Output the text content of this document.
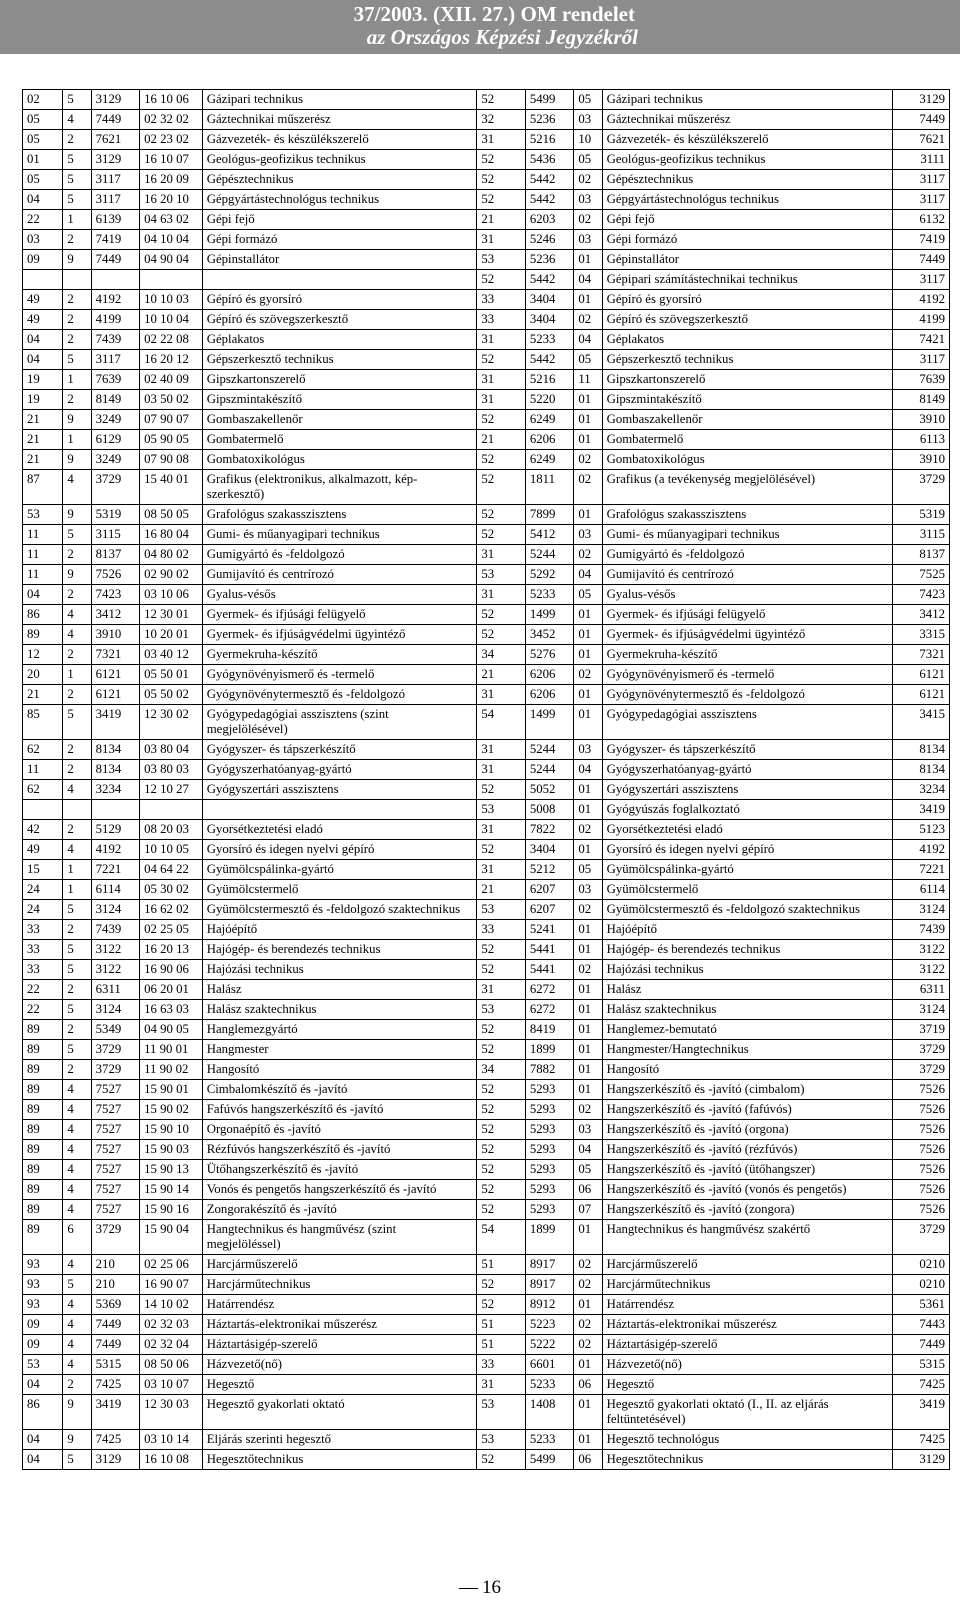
37/2003. (XII. 27.) OM rendelet
az Országos Képzési Jegyzékről
02	5	3129	16 10 06	Gázipari technikus	52	5499	05	Gázipari technikus	3129
05	4	7449	02 32 02	Gáztechnikai műszerész	32	5236	03	Gáztechnikai műszerész	7449
05	2	7621	02 23 02	Gázvezeték- és készülékszerelő	31	5216	10	Gázvezeték- és készülékszerelő	7621
01	5	3129	16 10 07	Geológus-geofizikus technikus	52	5436	05	Geológus-geofizikus technikus	3111
05	5	3117	16 20 09	Gépésztechnikus	52	5442	02	Gépésztechnikus	3117
04	5	3117	16 20 10	Gépgyártástechnológus technikus	52	5442	03	Gépgyártástechnológus technikus	3117
22	1	6139	04 63 02	Gépi fejő	21	6203	02	Gépi fejő	6132
03	2	7419	04 10 04	Gépi formázó	31	5246	03	Gépi formázó	7419
09	9	7449	04 90 04	Gépinstallátor	53	5236	01	Gépinstallátor	7449
					52	5442	04	Gépipari számítástechnikai technikus	3117
49	2	4192	10 10 03	Gépíró és gyorsíró	33	3404	01	Gépíró és gyorsíró	4192
49	2	4199	10 10 04	Gépíró és szövegszerkesztő	33	3404	02	Gépíró és szövegszerkesztő	4199
04	2	7439	02 22 08	Géplakatos	31	5233	04	Géplakatos	7421
04	5	3117	16 20 12	Gépszerkesztő technikus	52	5442	05	Gépszerkesztő technikus	3117
19	1	7639	02 40 09	Gipszkartonszerelő	31	5216	11	Gipszkartonszerelő	7639
19	2	8149	03 50 02	Gipszmintakészítő	31	5220	01	Gipszmintakészítő	8149
21	9	3249	07 90 07	Gombaszakellenőr	52	6249	01	Gombaszakellenőr	3910
21	1	6129	05 90 05	Gombatermelő	21	6206	01	Gombatermelő	6113
21	9	3249	07 90 08	Gombatoxikológus	52	6249	02	Gombatoxikológus	3910
87	4	3729	15 40 01	Grafikus (elektronikus, alkalmazott, kép-szerkesztő)	52	1811	02	Grafikus (a tevékenység megjelölésével)	3729
53	9	5319	08 50 05	Grafológus szakasszisztens	52	7899	01	Grafológus szakasszisztens	5319
11	5	3115	16 80 04	Gumi- és műanyagipari technikus	52	5412	03	Gumi- és műanyagipari technikus	3115
11	2	8137	04 80 02	Gumigyártó és -feldolgozó	31	5244	02	Gumigyártó és -feldolgozó	8137
11	9	7526	02 90 02	Gumijavító és centrírozó	53	5292	04	Gumijavító és centrírozó	7525
04	2	7423	03 10 06	Gyalus-vésős	31	5233	05	Gyalus-vésős	7423
86	4	3412	12 30 01	Gyermek- és ifjúsági felügyelő	52	1499	01	Gyermek- és ifjúsági felügyelő	3412
89	4	3910	10 20 01	Gyermek- és ifjúságvédelmi ügyintéző	52	3452	01	Gyermek- és ifjúságvédelmi ügyintéző	3315
12	2	7321	03 40 12	Gyermekruha-készítő	34	5276	01	Gyermekruha-készítő	7321
20	1	6121	05 50 01	Gyógynövényismerő és -termelő	21	6206	02	Gyógynövényismerő és -termelő	6121
21	2	6121	05 50 02	Gyógynövénytermesztő és -feldolgozó	31	6206	01	Gyógynövénytermesztő és -feldolgozó	6121
85	5	3419	12 30 02	Gyógypedagógiai asszisztens (szint megjelölésével)	54	1499	01	Gyógypedagógiai asszisztens	3415
62	2	8134	03 80 04	Gyógyszer- és tápszerkészítő	31	5244	03	Gyógyszer- és tápszerkészítő	8134
11	2	8134	03 80 03	Gyógyszerhatóanyag-gyártó	31	5244	04	Gyógyszerhatóanyag-gyártó	8134
62	4	3234	12 10 27	Gyógyszertári asszisztens	52	5052	01	Gyógyszertári asszisztens	3234
					53	5008	01	Gyógyúszás foglalkoztató	3419
42	2	5129	08 20 03	Gyorsétkeztetési eladó	31	7822	02	Gyorsétkeztetési eladó	5123
49	4	4192	10 10 05	Gyorsíró és idegen nyelvi gépíró	52	3404	01	Gyorsíró és idegen nyelvi gépíró	4192
15	1	7221	04 64 22	Gyümölcspálinka-gyártó	31	5212	05	Gyümölcspálinka-gyártó	7221
24	1	6114	05 30 02	Gyümölcstermelő	21	6207	03	Gyümölcstermelő	6114
24	5	3124	16 62 02	Gyümölcstermesztő és -feldolgozó szaktechnikus	53	6207	02	Gyümölcstermesztő és -feldolgozó szaktechnikus	3124
33	2	7439	02 25 05	Hajóépítő	33	5241	01	Hajóépítő	7439
33	5	3122	16 20 13	Hajógép- és berendezés technikus	52	5441	01	Hajógép- és berendezés technikus	3122
33	5	3122	16 90 06	Hajózási technikus	52	5441	02	Hajózási technikus	3122
22	2	6311	06 20 01	Halász	31	6272	01	Halász	6311
22	5	3124	16 63 03	Halász szaktechnikus	53	6272	01	Halász szaktechnikus	3124
89	2	5349	04 90 05	Hanglemezgyártó	52	8419	01	Hanglemez-bemutató	3719
89	5	3729	11 90 01	Hangmester	52	1899	01	Hangmester/Hangtechnikus	3729
89	2	3729	11 90 02	Hangosító	34	7882	01	Hangosító	3729
89	4	7527	15 90 01	Cimbalomkészítő és -javító	52	5293	01	Hangszerkészítő és -javító (cimbalom)	7526
89	4	7527	15 90 02	Fafúvós hangszerkészítő és -javító	52	5293	02	Hangszerkészítő és -javító (fafúvós)	7526
89	4	7527	15 90 10	Orgonaépítő és -javító	52	5293	03	Hangszerkészítő és -javító (orgona)	7526
89	4	7527	15 90 03	Rézfúvós hangszerkészítő és -javító	52	5293	04	Hangszerkészítő és -javító (rézfúvós)	7526
89	4	7527	15 90 13	Ütőhangszerkészítő és -javító	52	5293	05	Hangszerkészítő és -javító (ütőhangszer)	7526
89	4	7527	15 90 14	Vonós és pengetős hangszerkészítő és -javító	52	5293	06	Hangszerkészítő és -javító (vonós és pengetős)	7526
89	4	7527	15 90 16	Zongorakészítő és -javító	52	5293	07	Hangszerkészítő és -javító (zongora)	7526
89	6	3729	15 90 04	Hangtechnikus és hangművész (szint megjelöléssel)	54	1899	01	Hangtechnikus és hangművész szakértő	3729
93	4	210	02 25 06	Harcjárműszerelő	51	8917	02	Harcjárműszerelő	0210
93	5	210	16 90 07	Harcjárműtechnikus	52	8917	02	Harcjárműtechnikus	0210
93	4	5369	14 10 02	Határrendész	52	8912	01	Határrendész	5361
09	4	7449	02 32 03	Háztartás-elektronikai műszerész	51	5223	02	Háztartás-elektronikai műszerész	7443
09	4	7449	02 32 04	Háztartásigép-szerelő	51	5222	02	Háztartásigép-szerelő	7449
53	4	5315	08 50 06	Házvezető(nő)	33	6601	01	Házvezető(nő)	5315
04	2	7425	03 10 07	Hegesztő	31	5233	06	Hegesztő	7425
86	9	3419	12 30 03	Hegesztő gyakorlati oktató	53	1408	01	Hegesztő gyakorlati oktató (I., II. az eljárás feltüntetésével)	3419
04	9	7425	03 10 14	Eljárás szerinti hegesztő	53	5233	01	Hegesztő technológus	7425
04	5	3129	16 10 08	Hegesztőtechnikus	52	5499	06	Hegesztőtechnikus	3129
— 16
